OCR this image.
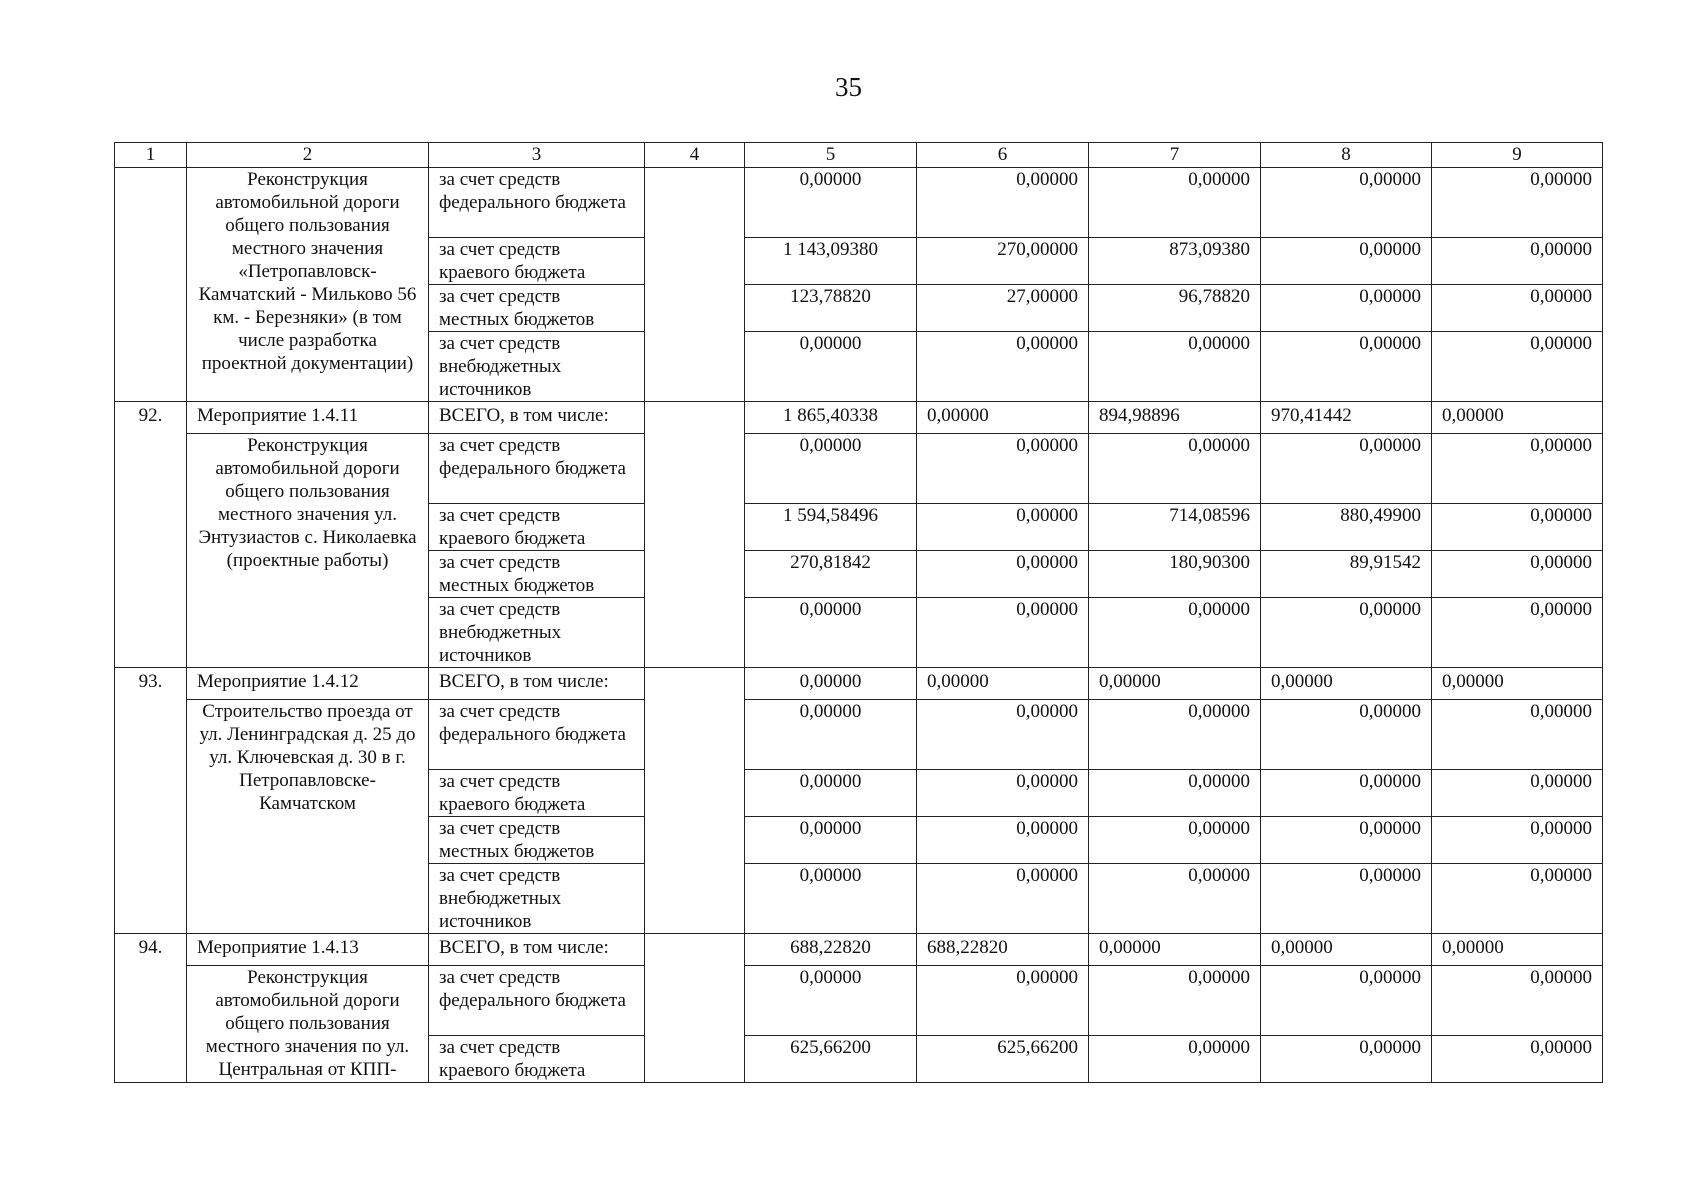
35
1	2	3	4	5	6	7	8	9
	Реконструкция автомобильной дороги общего пользования местного значения «Петропавловск-Камчатский - Мильково 56 км. - Березняки» (в том числе разработка проектной документации)	за счет средств федерального бюджета		0,00000	0,00000	0,00000	0,00000	0,00000
		за счет средств краевого бюджета		1 143,09380	270,00000	873,09380	0,00000	0,00000
		за счет средств местных бюджетов		123,78820	27,00000	96,78820	0,00000	0,00000
		за счет средств внебюджетных источников		0,00000	0,00000	0,00000	0,00000	0,00000
92.	Мероприятие 1.4.11	ВСЕГО, в том числе:		1 865,40338	0,00000	894,98896	970,41442	0,00000
	Реконструкция автомобильной дороги общего пользования местного значения ул. Энтузиастов с. Николаевка (проектные работы)	за счет средств федерального бюджета		0,00000	0,00000	0,00000	0,00000	0,00000
		за счет средств краевого бюджета		1 594,58496	0,00000	714,08596	880,49900	0,00000
		за счет средств местных бюджетов		270,81842	0,00000	180,90300	89,91542	0,00000
		за счет средств внебюджетных источников		0,00000	0,00000	0,00000	0,00000	0,00000
93.	Мероприятие 1.4.12	ВСЕГО, в том числе:		0,00000	0,00000	0,00000	0,00000	0,00000
	Строительство проезда от ул. Ленинградская д. 25 до ул. Ключевская д. 30 в г. Петропавловске-Камчатском	за счет средств федерального бюджета		0,00000	0,00000	0,00000	0,00000	0,00000
		за счет средств краевого бюджета		0,00000	0,00000	0,00000	0,00000	0,00000
		за счет средств местных бюджетов		0,00000	0,00000	0,00000	0,00000	0,00000
		за счет средств внебюджетных источников		0,00000	0,00000	0,00000	0,00000	0,00000
94.	Мероприятие 1.4.13	ВСЕГО, в том числе:		688,22820	688,22820	0,00000	0,00000	0,00000
	Реконструкция автомобильной дороги общего пользования местного значения по ул. Центральная от КПП-	за счет средств федерального бюджета		0,00000	0,00000	0,00000	0,00000	0,00000
		за счет средств краевого бюджета		625,66200	625,66200	0,00000	0,00000	0,00000
